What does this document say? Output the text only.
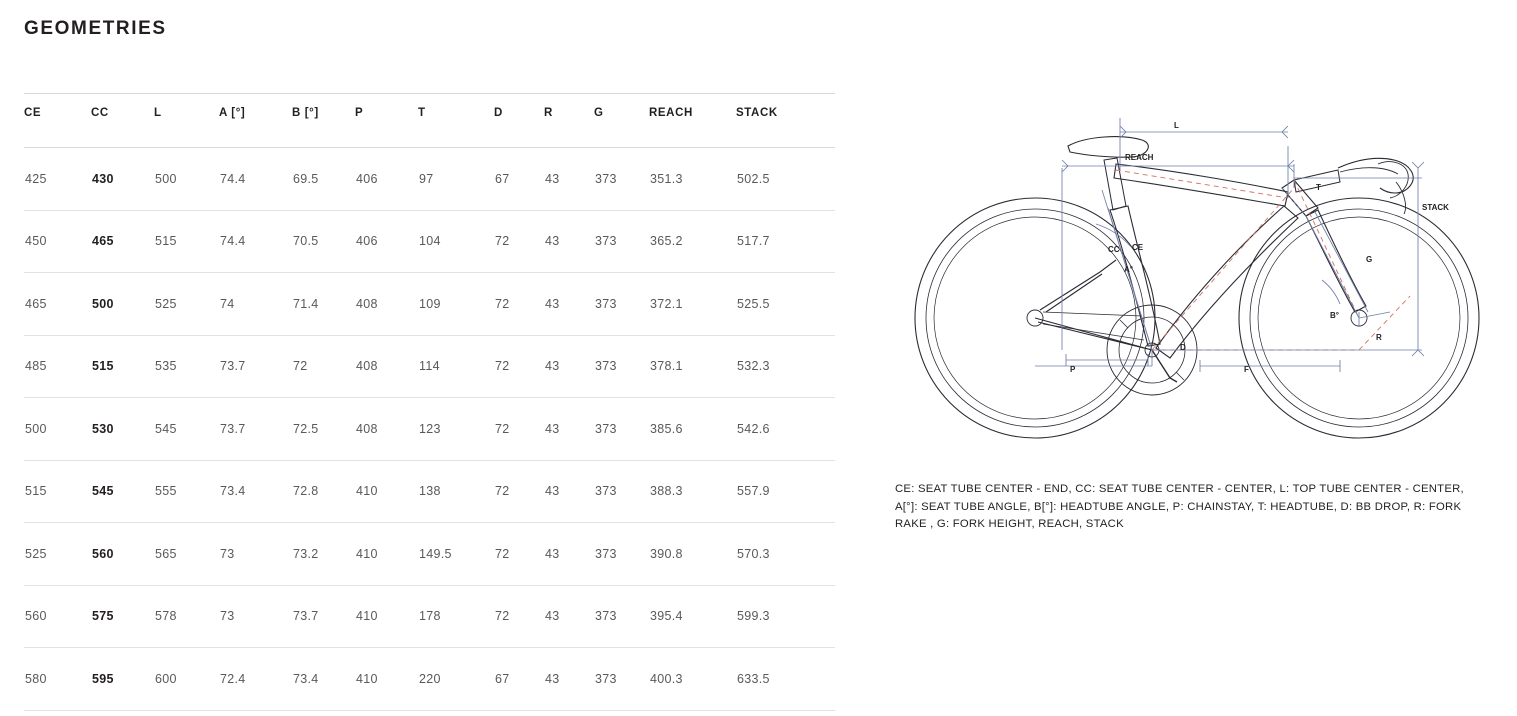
GEOMETRIES
CE	CC	L	A [°]	B [°]	P	T	D	R	G	REACH	STACK
425	430	500	74.4	69.5	406	97	67	43	373	351.3	502.5
450	465	515	74.4	70.5	406	104	72	43	373	365.2	517.7
465	500	525	74	71.4	408	109	72	43	373	372.1	525.5
485	515	535	73.7	72	408	114	72	43	373	378.1	532.3
500	530	545	73.7	72.5	408	123	72	43	373	385.6	542.6
515	545	555	73.4	72.8	410	138	72	43	373	388.3	557.9
525	560	565	73	73.2	410	149.5	72	43	373	390.8	570.3
560	575	578	73	73.7	410	178	72	43	373	395.4	599.3
580	595	600	72.4	73.4	410	220	67	43	373	400.3	633.5
L
REACH
STACK
CC CE
A°
B°
P
D
F
G
R
T
CE: SEAT TUBE CENTER - END, CC: SEAT TUBE CENTER - CENTER, L: TOP TUBE CENTER - CENTER, A[°]: SEAT TUBE ANGLE, B[°]: HEADTUBE ANGLE, P: CHAINSTAY, T: HEADTUBE, D: BB DROP, R: FORK RAKE , G: FORK HEIGHT, REACH, STACK
